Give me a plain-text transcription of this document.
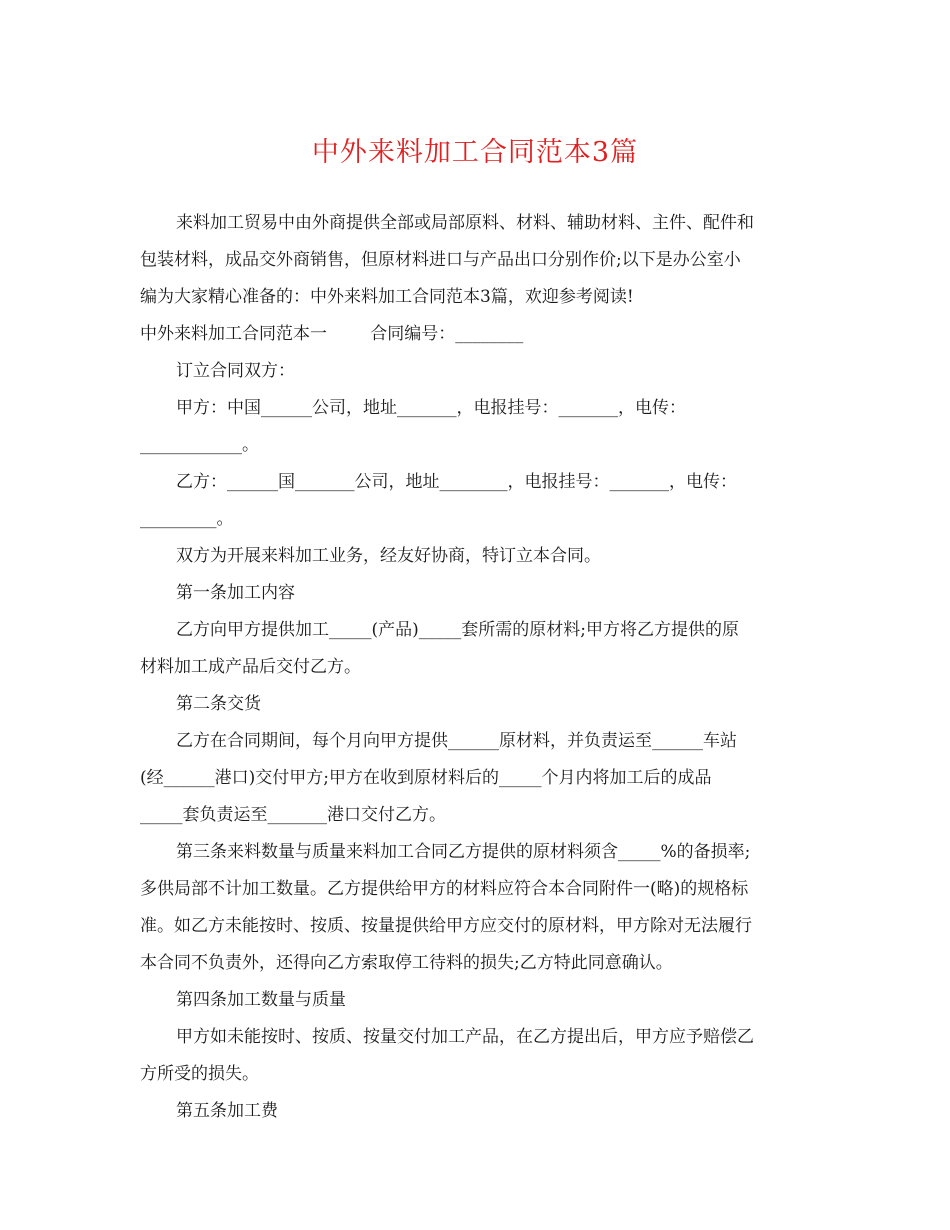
中外来料加工合同范本3篇
来料加工贸易中由外商提供全部或局部原料、材料、辅助材料、主件、配件和
包装材料，成品交外商销售，但原材料进口与产品出口分别作价;以下是办公室小
编为大家精心准备的：中外来料加工合同范本3篇，欢迎参考阅读!
中外来料加工合同范本一        合同编号：________
订立合同双方：
甲方：中国______公司，地址_______，电报挂号：_______，电传：
____________。
乙方：______国_______公司，地址________，电报挂号：_______，电传：
_________。
双方为开展来料加工业务，经友好协商，特订立本合同。
第一条加工内容
乙方向甲方提供加工_____(产品)_____套所需的原材料;甲方将乙方提供的原
材料加工成产品后交付乙方。
第二条交货
乙方在合同期间，每个月向甲方提供______原材料，并负责运至______车站
(经______港口)交付甲方;甲方在收到原材料后的_____个月内将加工后的成品
_____套负责运至_______港口交付乙方。
第三条来料数量与质量来料加工合同乙方提供的原材料须含_____%的备损率;
多供局部不计加工数量。乙方提供给甲方的材料应符合本合同附件一(略)的规格标
准。如乙方未能按时、按质、按量提供给甲方应交付的原材料，甲方除对无法履行
本合同不负责外，还得向乙方索取停工待料的损失;乙方特此同意确认。
第四条加工数量与质量
甲方如未能按时、按质、按量交付加工产品，在乙方提出后，甲方应予赔偿乙
方所受的损失。
第五条加工费
